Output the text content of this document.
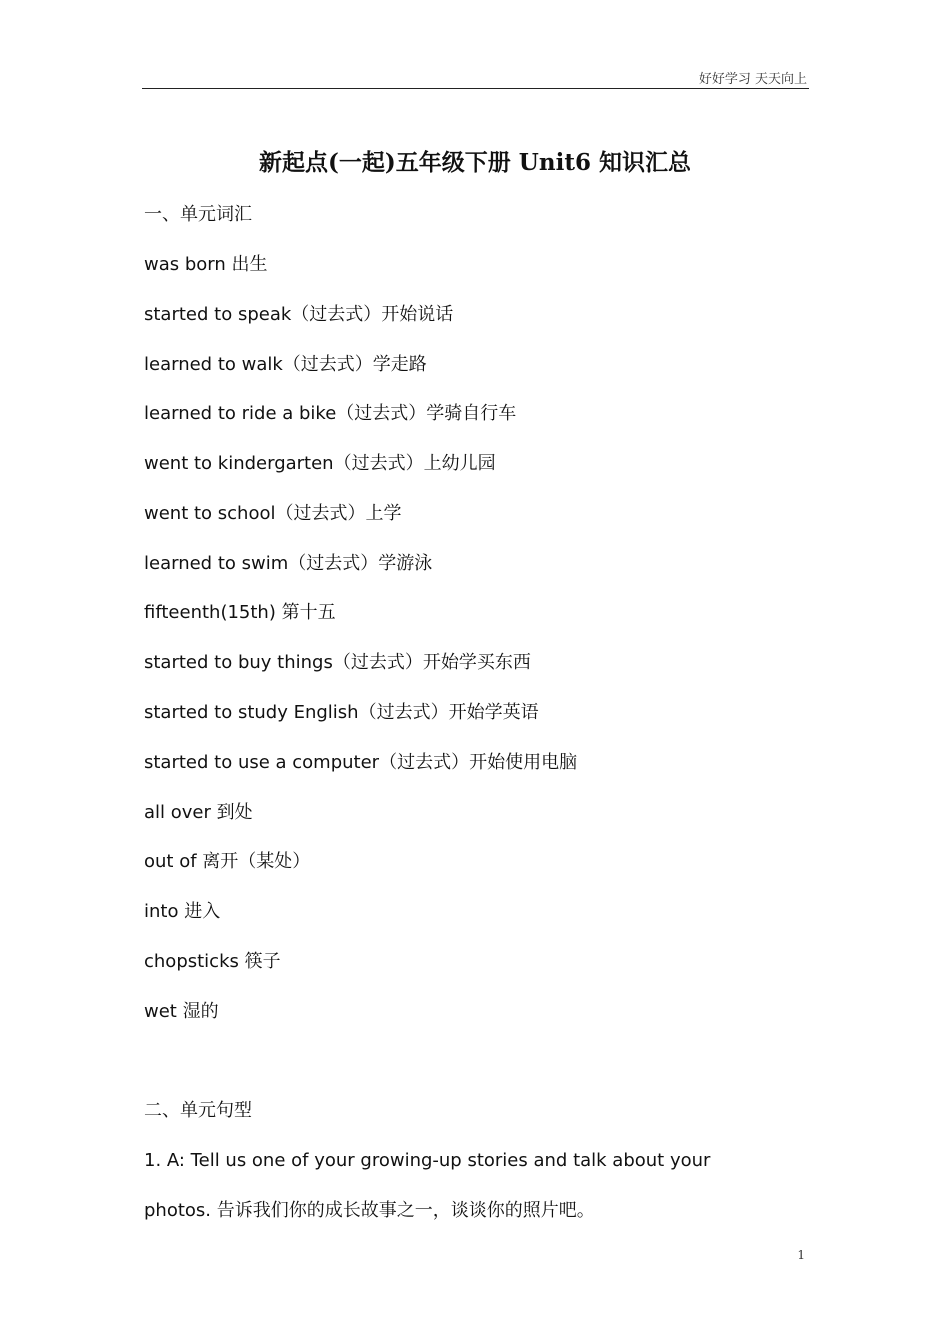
好好学习 天天向上
新起点(一起)五年级下册 Unit6 知识汇总
一、单元词汇
was born 出生
started to speak（过去式）开始说话
learned to walk（过去式）学走路
learned to ride a bike（过去式）学骑自行车
went to kindergarten（过去式）上幼儿园
went to school（过去式）上学
learned to swim（过去式）学游泳
fifteenth(15th) 第十五
started to buy things（过去式）开始学买东西
started to study English（过去式）开始学英语
started to use a computer（过去式）开始使用电脑
all over 到处
out of 离开（某处）
into 进入
chopsticks 筷子
wet 湿的
二、单元句型
1. A: Tell us one of your growing-up stories and talk about your
photos. 告诉我们你的成长故事之一，谈谈你的照片吧。
1
